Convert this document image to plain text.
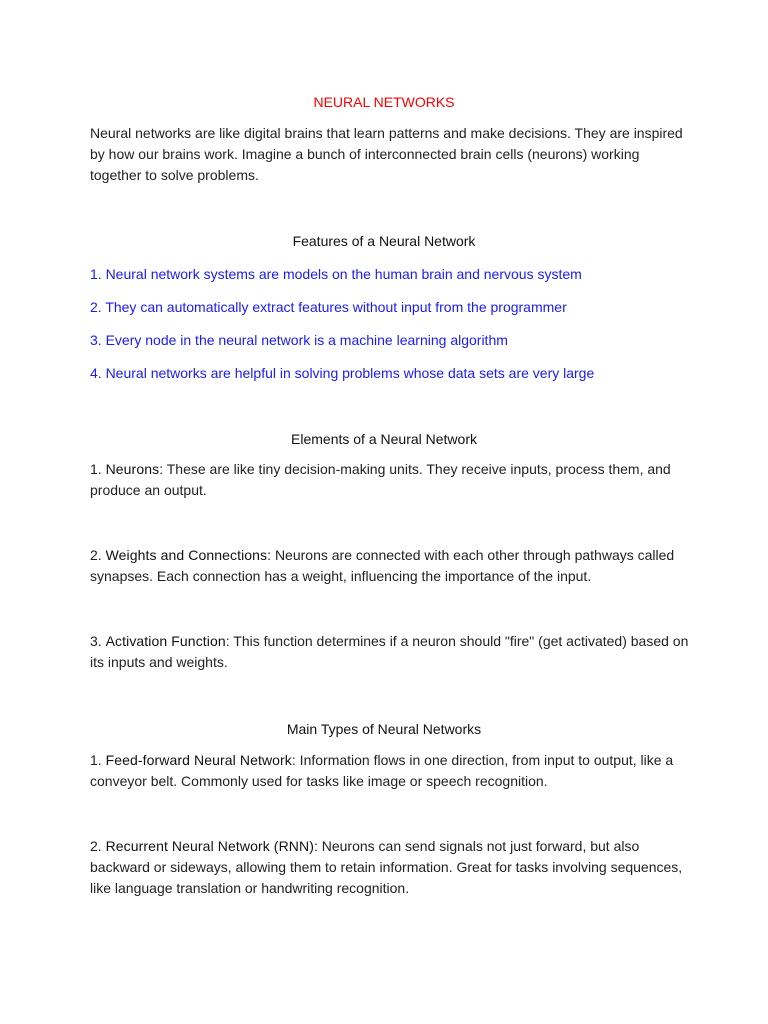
NEURAL NETWORKS
Neural networks are like digital brains that learn patterns and make decisions. They are inspired by how our brains work. Imagine a bunch of interconnected brain cells (neurons) working together to solve problems.
Features of a Neural Network
1. Neural network systems are models on the human brain and nervous system
2. They can automatically extract features without input from the programmer
3. Every node in the neural network is a machine learning algorithm
4. Neural networks are helpful in solving problems whose data sets are very large
Elements of a Neural Network
1. Neurons: These are like tiny decision-making units. They receive inputs, process them, and produce an output.
2. Weights and Connections: Neurons are connected with each other through pathways called synapses. Each connection has a weight, influencing the importance of the input.
3. Activation Function: This function determines if a neuron should "fire" (get activated) based on its inputs and weights.
Main Types of Neural Networks
1. Feed-forward Neural Network: Information flows in one direction, from input to output, like a conveyor belt. Commonly used for tasks like image or speech recognition.
2. Recurrent Neural Network (RNN): Neurons can send signals not just forward, but also backward or sideways, allowing them to retain information. Great for tasks involving sequences, like language translation or handwriting recognition.
